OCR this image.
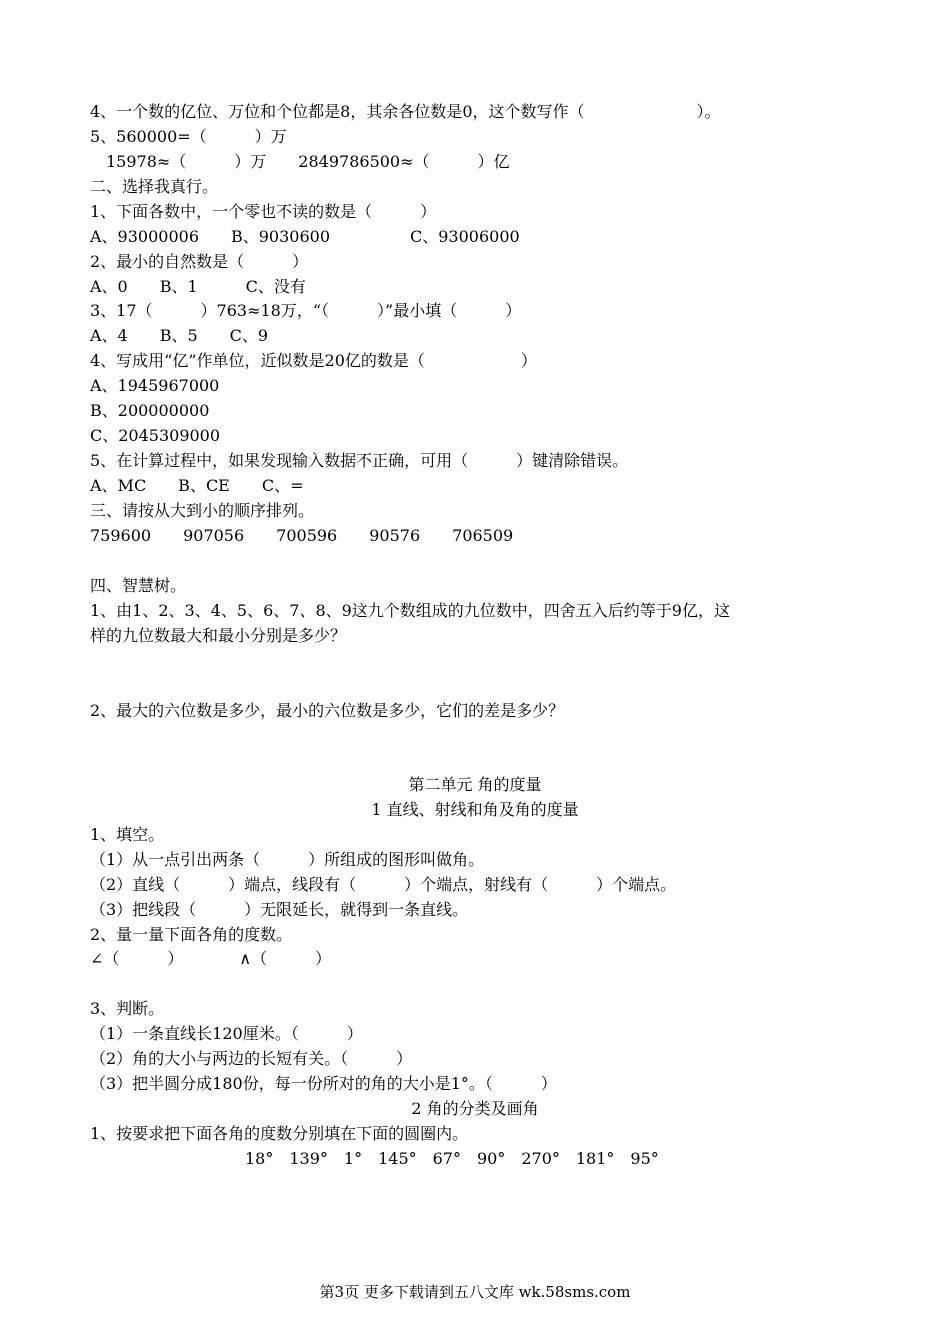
4、一个数的亿位、万位和个位都是8，其余各位数是0，这个数写作（　　　　　　　）。
5、560000=（　　　）万
　15978≈（　　　）万　　2849786500≈（　　　）亿
二、选择我真行。
1、下面各数中，一个零也不读的数是（　　　）
A、93000006　　B、9030600　　　　　C、93006000
2、最小的自然数是（　　　）
A、0　　B、1　　　C、没有
3、17（　　　）763≈18万，“（　　　）”最小填（　　　）
A、4　　B、5　　C、9
4、写成用“亿”作单位，近似数是20亿的数是（　　　　　　）
A、1945967000
B、200000000
C、2045309000
5、在计算过程中，如果发现输入数据不正确，可用（　　　）键清除错误。
A、MC　　B、CE　　C、=
三、请按从大到小的顺序排列。
759600　　907056　　700596　　90576　　706509
四、智慧树。
1、由1、2、3、4、5、6、7、8、9这九个数组成的九位数中，四舍五入后约等于9亿，这
样的九位数最大和最小分别是多少？
2、最大的六位数是多少，最小的六位数是多少，它们的差是多少？
第二单元 角的度量
1 直线、射线和角及角的度量
1、填空。
（1）从一点引出两条（　　　）所组成的图形叫做角。
（2）直线（　　　）端点，线段有（　　　）个端点，射线有（　　　）个端点。
（3）把线段（　　　）无限延长，就得到一条直线。
2、量一量下面各角的度数。
∠（　　　）　　　　∧（　　　）
3、判断。
（1）一条直线长120厘米。（　　　）
（2）角的大小与两边的长短有关。（　　　）
（3）把半圆分成180份，每一份所对的角的大小是1°。（　　　）
2 角的分类及画角
1、按要求把下面各角的度数分别填在下面的圆圈内。
18°　139°　1°　145°　67°　90°　270°　181°　95°
第3页 更多下载请到五八文库 wk.58sms.com
